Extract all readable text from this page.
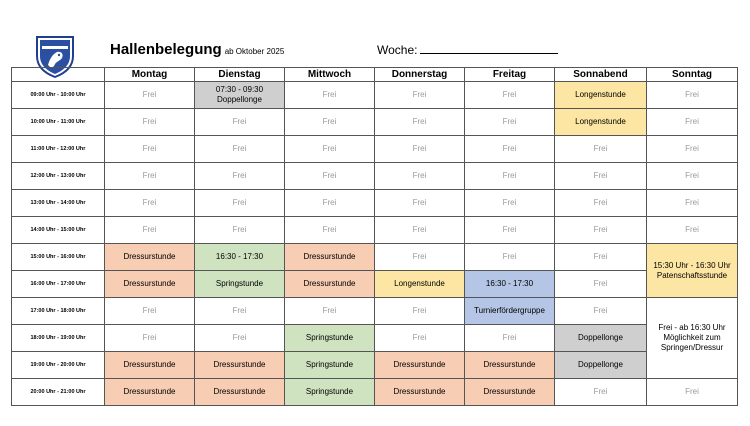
Hallenbelegung ab Oktober 2025	Woche:
	Montag	Dienstag	Mittwoch	Donnerstag	Freitag	Sonnabend	Sonntag
09:00 Uhr - 10:00 Uhr	Frei	07:30 - 09:30 Doppellonge	Frei	Frei	Frei	Longenstunde	Frei
10:00 Uhr - 11:00 Uhr	Frei	Frei	Frei	Frei	Frei	Longenstunde	Frei
11:00 Uhr - 12:00 Uhr	Frei	Frei	Frei	Frei	Frei	Frei	Frei
12:00 Uhr - 13:00 Uhr	Frei	Frei	Frei	Frei	Frei	Frei	Frei
13:00 Uhr - 14:00 Uhr	Frei	Frei	Frei	Frei	Frei	Frei	Frei
14:00 Uhr - 15:00 Uhr	Frei	Frei	Frei	Frei	Frei	Frei	Frei
15:00 Uhr - 16:00 Uhr	Dressurstunde	16:30 - 17:30	Dressurstunde	Frei	Frei	Frei	15:30 Uhr - 16:30 Uhr Patenschaftsstunde
16:00 Uhr - 17:00 Uhr	Dressurstunde	Springstunde	Dressurstunde	Longenstunde	16:30 - 17:30	Frei	
17:00 Uhr - 18:00 Uhr	Frei	Frei	Frei	Frei	Turnierfördergruppe	Frei	Frei - ab 16:30 Uhr Möglichkeit zum Springen/Dressur
18:00 Uhr - 19:00 Uhr	Frei	Frei	Springstunde	Frei	Frei	Doppellonge	
19:00 Uhr - 20:00 Uhr	Dressurstunde	Dressurstunde	Springstunde	Dressurstunde	Dressurstunde	Doppellonge	
20:00 Uhr - 21:00 Uhr	Dressurstunde	Dressurstunde	Springstunde	Dressurstunde	Dressurstunde	Frei	Frei
